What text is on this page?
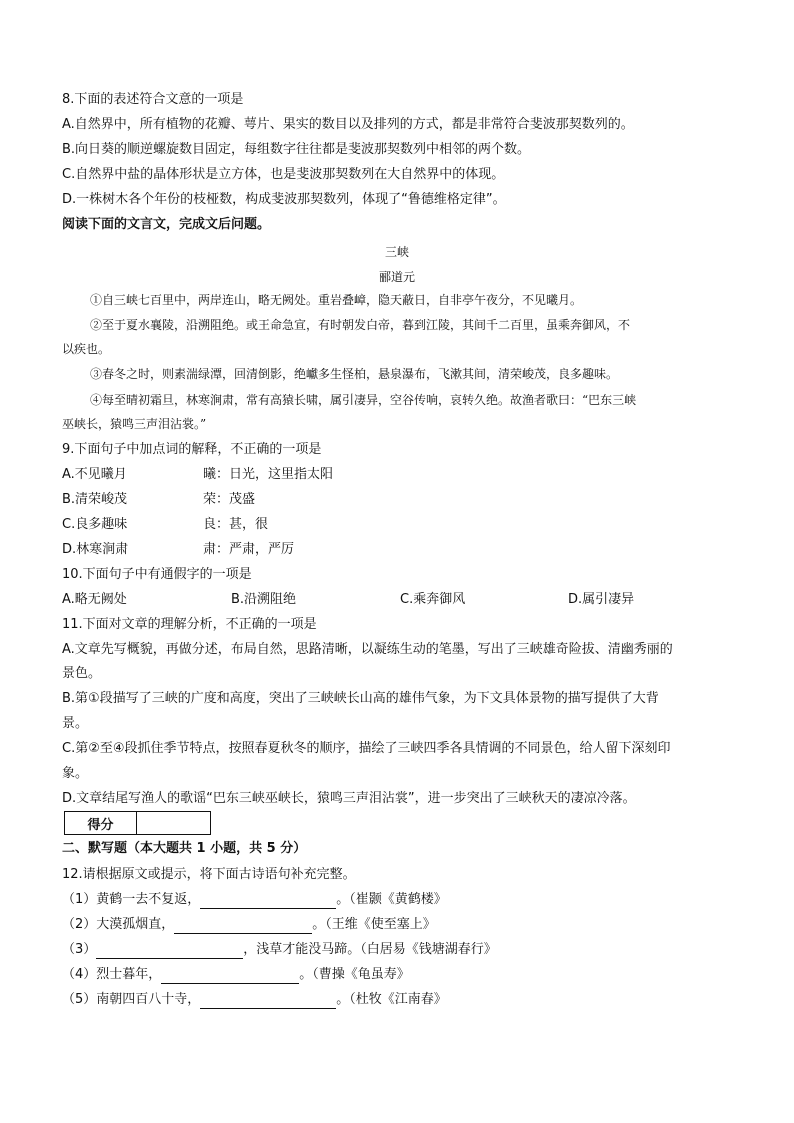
8.下面的表述符合文意的一项是
A.自然界中，所有植物的花瓣、萼片、果实的数目以及排列的方式，都是非常符合斐波那契数列的。
B.向日葵的顺逆螺旋数目固定，每组数字往往都是斐波那契数列中相邻的两个数。
C.自然界中盐的晶体形状是立方体，也是斐波那契数列在大自然界中的体现。
D.一株树木各个年份的枝桠数，构成斐波那契数列，体现了“鲁德维格定律”。
阅读下面的文言文，完成文后问题。
三峡
郦道元
①自三峡七百里中，两岸连山，略无阙处。重岩叠嶂，隐天蔽日，自非亭午夜分，不见曦月。
②至于夏水襄陵，沿溯阻绝。或王命急宣，有时朝发白帝，暮到江陵，其间千二百里，虽乘奔御风，不
以疾也。
③春冬之时，则素湍绿潭，回清倒影，绝巘多生怪柏，悬泉瀑布，飞漱其间，清荣峻茂，良多趣味。
④每至晴初霜旦，林寒涧肃，常有高猿长啸，属引凄异，空谷传响，哀转久绝。故渔者歌曰：“巴东三峡
巫峡长，猿鸣三声泪沾裳。”
9.下面句子中加点词的解释，不正确的一项是
A.不见曦月	曦：日光，这里指太阳
B.清荣峻茂	荣：茂盛
C.良多趣味	良：甚，很
D.林寒涧肃	肃：严肃，严厉
10.下面句子中有通假字的一项是
A.略无阙处	B.沿溯阻绝	C.乘奔御风	D.属引凄异
11.下面对文章的理解分析，不正确的一项是
A.文章先写概貌，再做分述，布局自然，思路清晰，以凝练生动的笔墨，写出了三峡雄奇险拔、清幽秀丽的
景色。
B.第①段描写了三峡的广度和高度，突出了三峡峡长山高的雄伟气象，为下文具体景物的描写提供了大背
景。
C.第②至④段抓住季节特点，按照春夏秋冬的顺序，描绘了三峡四季各具情调的不同景色，给人留下深刻印
象。
D.文章结尾写渔人的歌谣“巴东三峡巫峡长，猿鸣三声泪沾裳”，进一步突出了三峡秋天的凄凉冷落。
得分	
二、默写题（本大题共 1 小题，共 5 分）
12.请根据原文或提示，将下面古诗语句补充完整。
（1）黄鹤一去不复返，	。（崔颢《黄鹤楼》
（2）大漠孤烟直，	。（王维《使至塞上》
（3）	，浅草才能没马蹄。（白居易《钱塘湖春行》
（4）烈士暮年，	。（曹操《龟虽寿》
（5）南朝四百八十寺，	。（杜牧《江南春》
